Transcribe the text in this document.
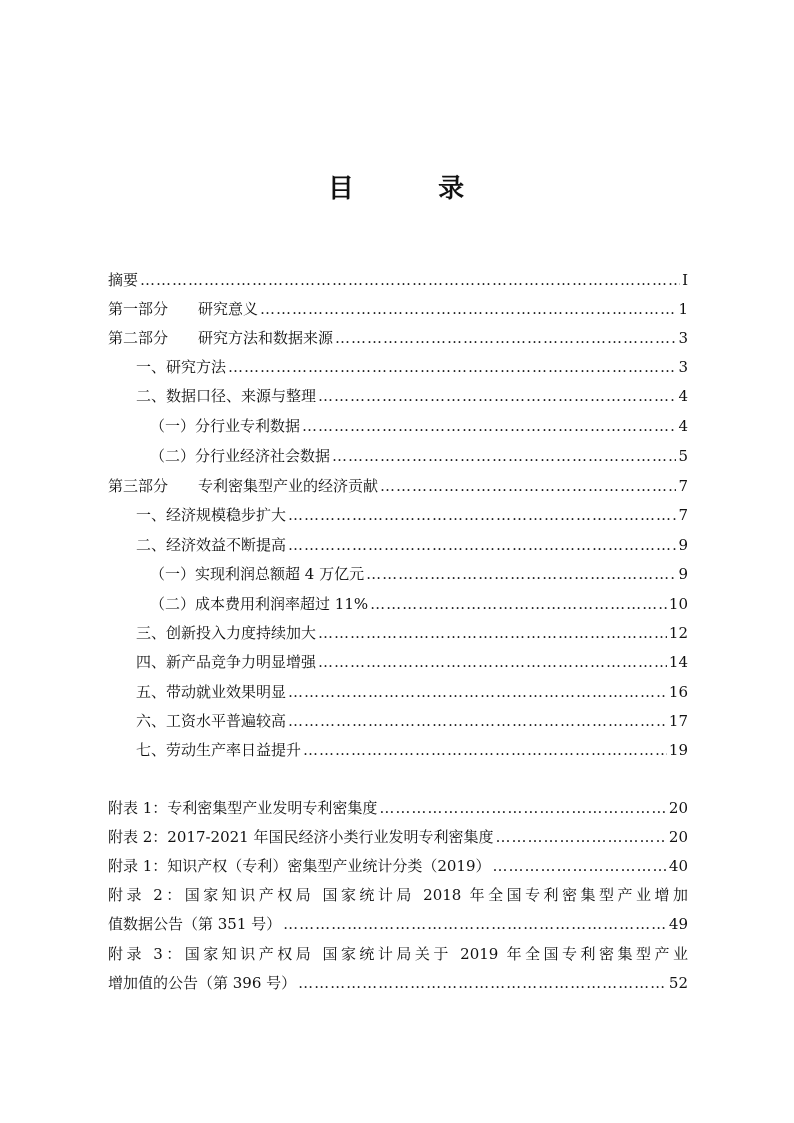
目	录
摘要 …………………………………………………………………………………………………………………………………………………………………………………………	I
第一部分 研究意义 …………………………………………………………………………………………………………………………………………………………………………………………	1
第二部分 研究方法和数据来源 …………………………………………………………………………………………………………………………………………………………………………………………	3
一、研究方法 …………………………………………………………………………………………………………………………………………………………………………………………	3
二、数据口径、来源与整理 …………………………………………………………………………………………………………………………………………………………………………………………	4
（一）分行业专利数据 …………………………………………………………………………………………………………………………………………………………………………………………	4
（二）分行业经济社会数据 …………………………………………………………………………………………………………………………………………………………………………………………	5
第三部分 专利密集型产业的经济贡献 …………………………………………………………………………………………………………………………………………………………………………………………	7
一、经济规模稳步扩大 …………………………………………………………………………………………………………………………………………………………………………………………	7
二、经济效益不断提高 …………………………………………………………………………………………………………………………………………………………………………………………	9
（一）实现利润总额超 4 万亿元 …………………………………………………………………………………………………………………………………………………………………………………………	9
（二）成本费用利润率超过 11% …………………………………………………………………………………………………………………………………………………………………………………………	10
三、创新投入力度持续加大 …………………………………………………………………………………………………………………………………………………………………………………………	12
四、新产品竞争力明显增强 …………………………………………………………………………………………………………………………………………………………………………………………	14
五、带动就业效果明显 …………………………………………………………………………………………………………………………………………………………………………………………	16
六、工资水平普遍较高 …………………………………………………………………………………………………………………………………………………………………………………………	17
七、劳动生产率日益提升 …………………………………………………………………………………………………………………………………………………………………………………………	19
附表 1：专利密集型产业发明专利密集度 …………………………………………………………………………………………………………………………………………………………………………………………	20
附表 2：2017-2021 年国民经济小类行业发明专利密集度 …………………………………………………………………………………………………………………………………………………………………………………………	20
附录 1：知识产权（专利）密集型产业统计分类（2019） …………………………………………………………………………………………………………………………………………………………………………………………	40
附录 2：国家知识产权局 国家统计局 2018 年全国专利密集型产业增加
值数据公告（第 351 号） …………………………………………………………………………………………………………………………………………………………………………………………	49
附录 3：国家知识产权局 国家统计局关于 2019 年全国专利密集型产业
增加值的公告（第 396 号） …………………………………………………………………………………………………………………………………………………………………………………………	52
